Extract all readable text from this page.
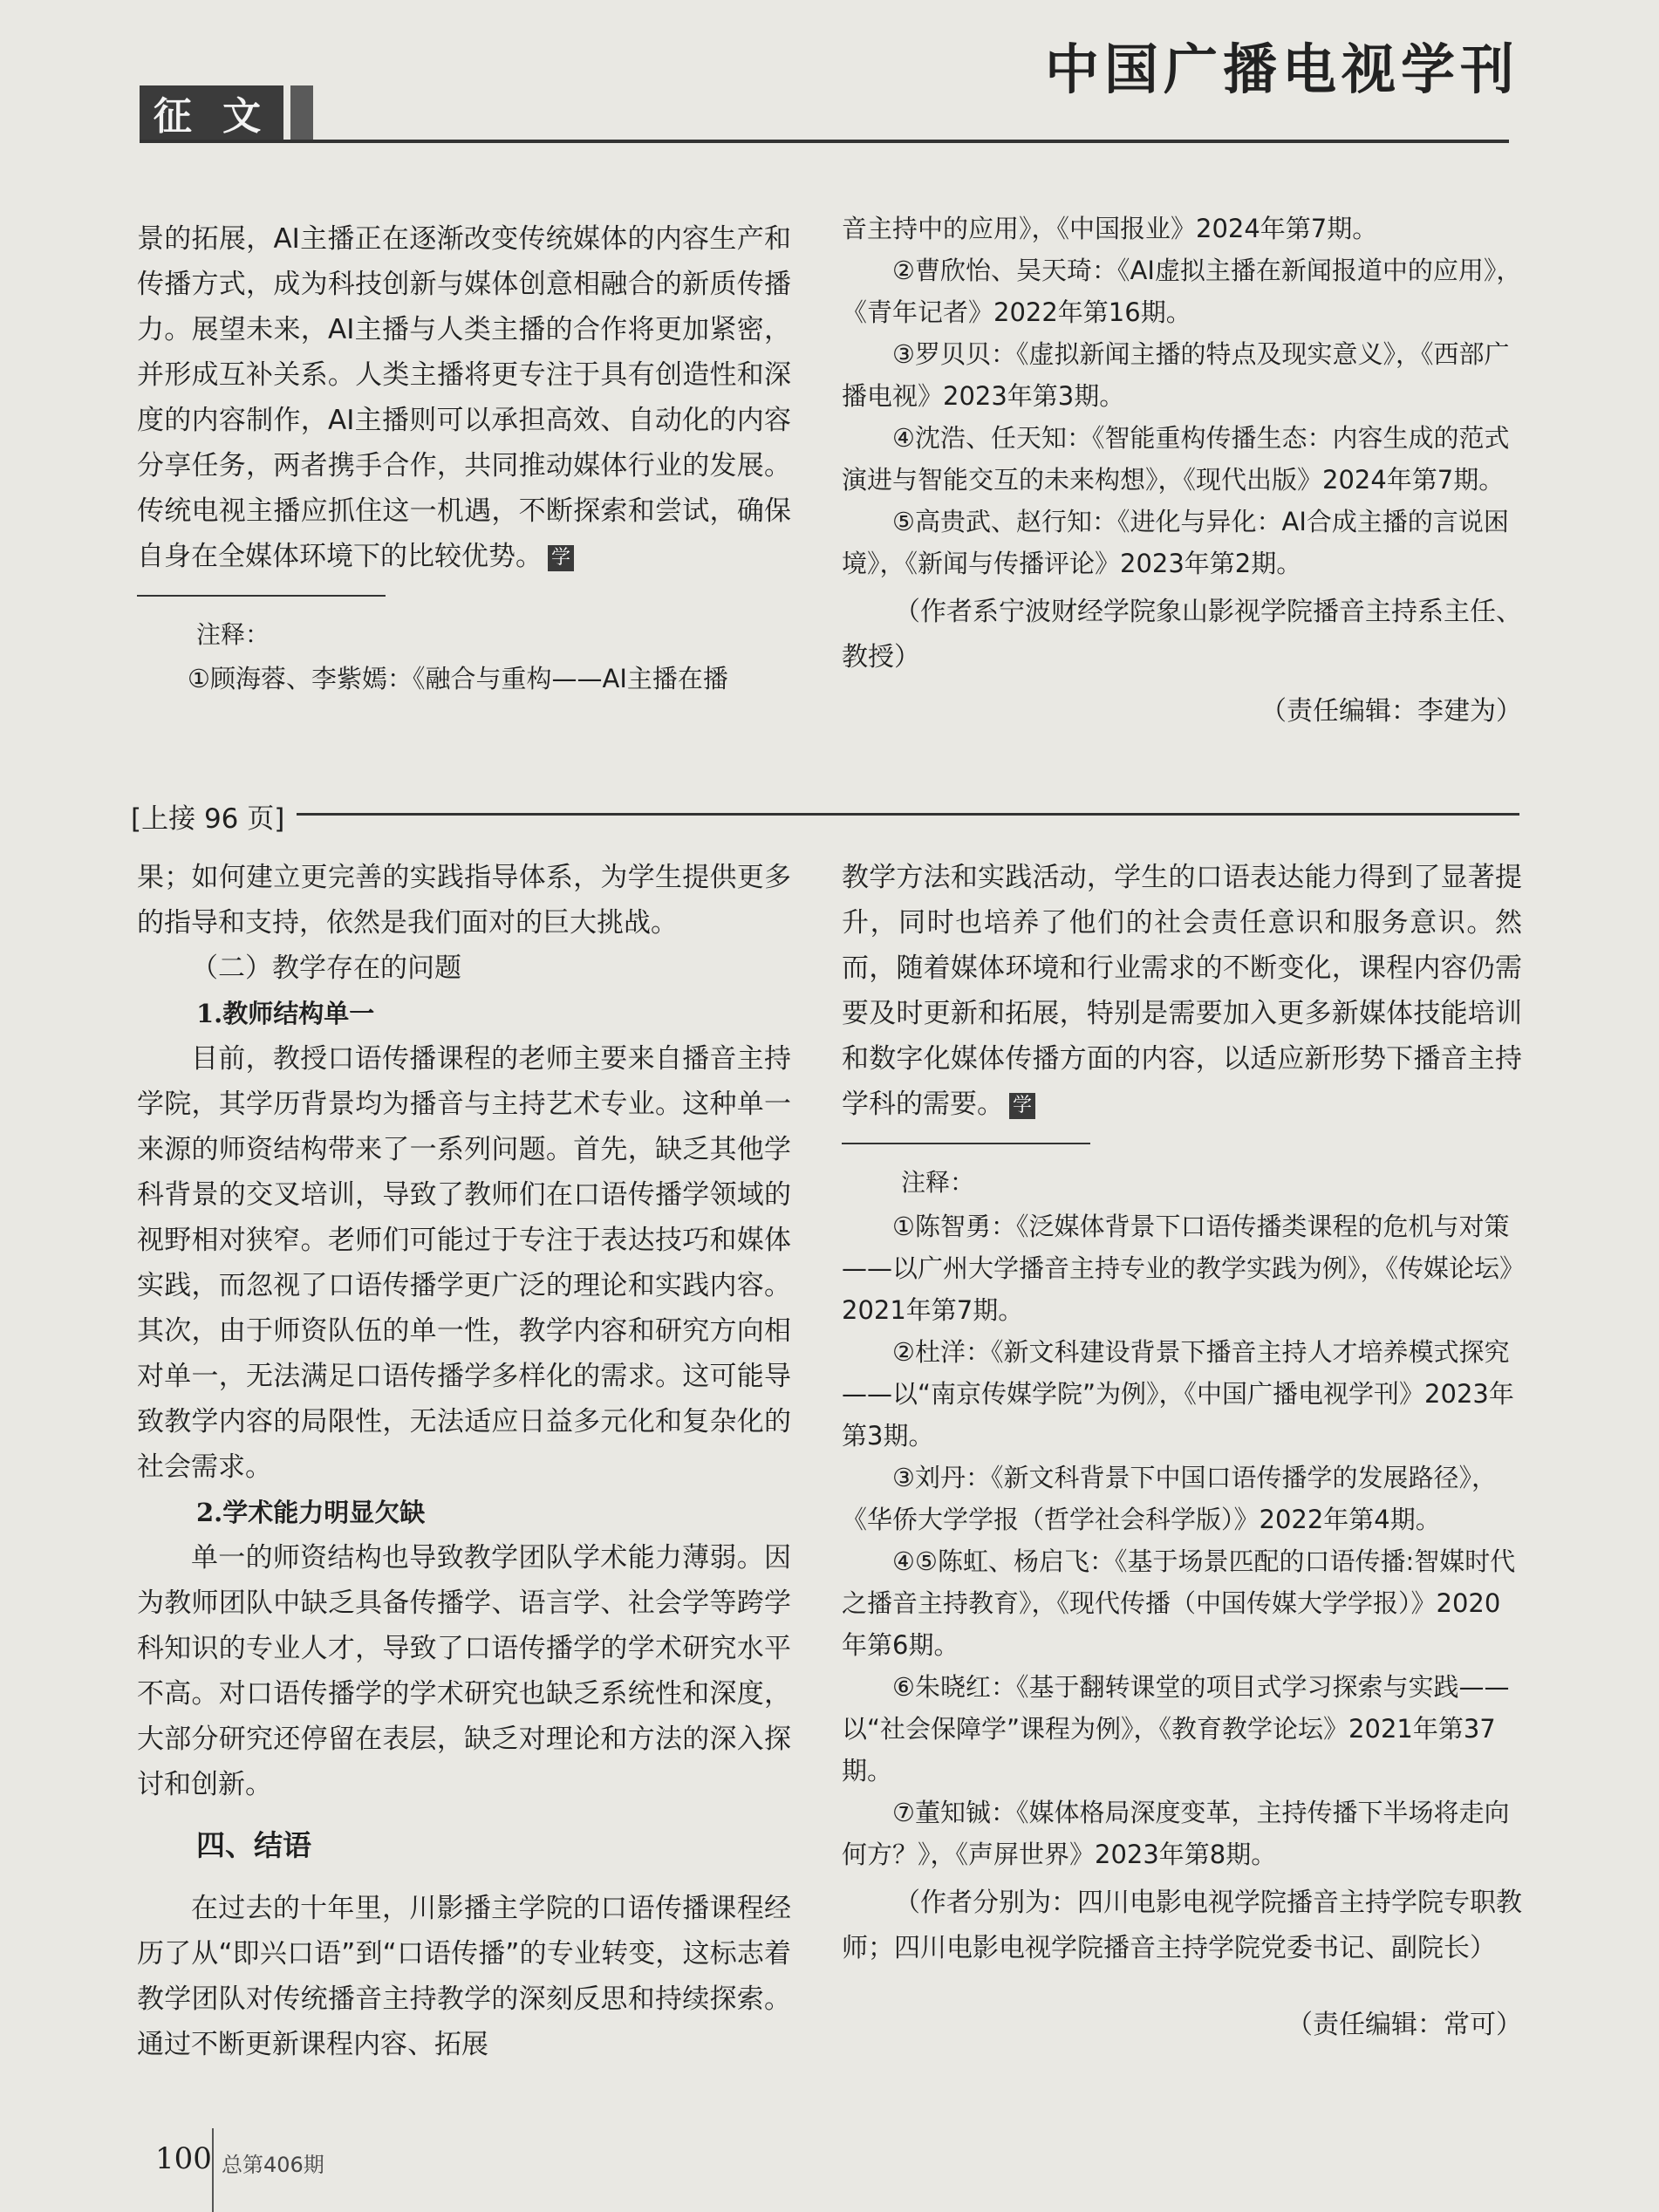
中国广播电视学刊
征 文

景的拓展，AI主播正在逐渐改变传统媒体的内容生产和传播方式，成为科技创新与媒体创意相融合的新质传播力。展望未来，AI主播与人类主播的合作将更加紧密，并形成互补关系。人类主播将更专注于具有创造性和深度的内容制作，AI主播则可以承担高效、自动化的内容分享任务，两者携手合作，共同推动媒体行业的发展。传统电视主播应抓住这一机遇，不断探索和尝试，确保自身在全媒体环境下的比较优势。 学

注释：

①顾海蓉、李紫嫣：《融合与重构——AI主播在播

音主持中的应用》，《中国报业》2024年第7期。

②曹欣怡、吴天琦：《AI虚拟主播在新闻报道中的应用》，《青年记者》2022年第16期。

③罗贝贝：《虚拟新闻主播的特点及现实意义》，《西部广播电视》2023年第3期。

④沈浩、任天知：《智能重构传播生态：内容生成的范式演进与智能交互的未来构想》，《现代出版》2024年第7期。

⑤高贵武、赵行知：《进化与异化：AI合成主播的言说困境》，《新闻与传播评论》2023年第2期。

（作者系宁波财经学院象山影视学院播音主持系主任、教授）

（责任编辑：李建为）

[上接 96 页]

果；如何建立更完善的实践指导体系，为学生提供更多的指导和支持，依然是我们面对的巨大挑战。

（二）教学存在的问题

1.教师结构单一

目前，教授口语传播课程的老师主要来自播音主持学院，其学历背景均为播音与主持艺术专业。这种单一来源的师资结构带来了一系列问题。首先，缺乏其他学科背景的交叉培训，导致了教师们在口语传播学领域的视野相对狭窄。老师们可能过于专注于表达技巧和媒体实践，而忽视了口语传播学更广泛的理论和实践内容。其次，由于师资队伍的单一性，教学内容和研究方向相对单一，无法满足口语传播学多样化的需求。这可能导致教学内容的局限性，无法适应日益多元化和复杂化的社会需求。

2.学术能力明显欠缺

单一的师资结构也导致教学团队学术能力薄弱。因为教师团队中缺乏具备传播学、语言学、社会学等跨学科知识的专业人才，导致了口语传播学的学术研究水平不高。对口语传播学的学术研究也缺乏系统性和深度，大部分研究还停留在表层，缺乏对理论和方法的深入探讨和创新。

四、结语

在过去的十年里，川影播主学院的口语传播课程经历了从“即兴口语”到“口语传播”的专业转变，这标志着教学团队对传统播音主持教学的深刻反思和持续探索。通过不断更新课程内容、拓展

教学方法和实践活动，学生的口语表达能力得到了显著提升，同时也培养了他们的社会责任意识和服务意识。然而，随着媒体环境和行业需求的不断变化，课程内容仍需要及时更新和拓展，特别是需要加入更多新媒体技能培训和数字化媒体传播方面的内容，以适应新形势下播音主持学科的需要。 学

注释：

①陈智勇：《泛媒体背景下口语传播类课程的危机与对策——以广州大学播音主持专业的教学实践为例》，《传媒论坛》2021年第7期。

②杜洋：《新文科建设背景下播音主持人才培养模式探究——以“南京传媒学院”为例》，《中国广播电视学刊》2023年第3期。

③刘丹：《新文科背景下中国口语传播学的发展路径》，《华侨大学学报（哲学社会科学版）》2022年第4期。

④⑤陈虹、杨启飞：《基于场景匹配的口语传播:智媒时代之播音主持教育》，《现代传播（中国传媒大学学报）》2020年第6期。

⑥朱晓红：《基于翻转课堂的项目式学习探索与实践——以“社会保障学”课程为例》，《教育教学论坛》2021年第37期。

⑦董知铖：《媒体格局深度变革，主持传播下半场将走向何方？》，《声屏世界》2023年第8期。

（作者分别为：四川电影电视学院播音主持学院专职教师；四川电影电视学院播音主持学院党委书记、副院长）

（责任编辑：常可）

100 总第406期
